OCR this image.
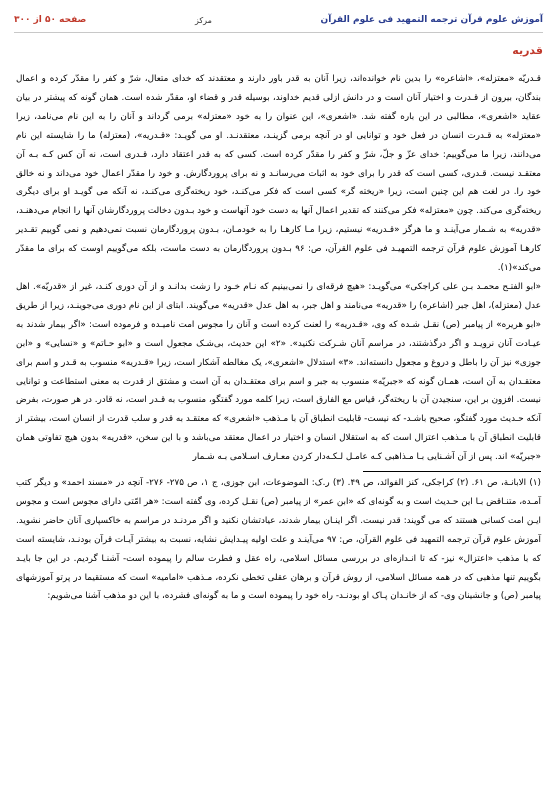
آموزش علوم قرآن ترجمه التمهيد فی علوم القرآن
مرکز
صفحه ۵۰ از ۳۰۰
قدريه

قـدريّه «معتزله»، «اشاعره» را بدين نام خوانده‌اند، زيرا آنان به قدر باور دارند و معتقدند که خداى متعال، شرّ و کفر را مقدّر کرده و اعمال بندگان، بيرون از قـدرت و اختيار آنان است و در دانش ازلى قديم خداوند، بوسيله قدر و قضاء او، مقدّر شده است. همان گونه که پيشتر در بيان عقايد «اشعرى»، مطالبى در اين باره گفته شد. «اشعرى»، اين عنوان را به خود «معتزله» برمى گرداند و آنان را به اين نام مى‌نامد، زيرا «معتزله» به قـدرت انسان در فعل خود و توانايى او در آنچه برمى گزينـد، معتقدنـد. او مى گويـد: «قـدريه»، (معتزله) ما را شايسته اين نام مى‌دانند، زيرا ما مى‌گوييم: خداى عزّ و جلّ، شرّ و کفر را مقدّر کرده است. کسى که به قدر اعتقاد دارد، قـدرى است، نه آن کس کـه بـه آن معتقـد نيست. قـدرى، کسى است که قدر را براى خود به اثبات مى‌رسانـد و نه براى پروردگارش. و خود را مقدّر اعمال خود مى‌داند و نه خالق خود را. در لغت هم اين چنين است، زيرا «ريخته گر» کسى است که فکر مى‌کنـد، خود ريخته‌گرى مى‌کنـد، نه آنکه مى گويـد او براى ديگرى ريخته‌گرى مى‌کند. چون «معتزله» فکر مى‌کنند که تقدير اعمال آنها به دست خود آنهاست و خود بـدون دخالت پروردگارشان آنها را انجام مى‌دهنـد، «قدريه» به شـمار مى‌آينـد و ما هرگز «قـدريه» نيستيم، زيرا مـا کارهـا را به خودمـان، بـدون پروردگارمان نسبت نمى‌دهيم و نمى گوييم تقـدير کارهـا آموزش علوم قرآن ترجمه التمهيـد فى علوم القرآن، ص: ۹۶ بـدون پروردگارمان به دست ماست، بلکه مى‌گوييم اوست که براى ما مقدّر مى‌کند»(۱).

«ابو الفتـح محمـد بـن على کراجکى» مى‌گويـد: «هيچ فرقه‌اى را نمى‌بينيم که نـام خـود را زشت بدانـد و از آن دورى کنـد، غير از «قدريّه». اهل عدل (معتزله)، اهل جبر (اشاعره) را «قدريه» مى‌نامند و اهل جبر، به اهل عدل «قدريه» مى‌گويند. ابتاى از اين نام دورى مى‌جوينـد، زيرا از طريق «ابو هريره» از پيامبر (ص) نقـل شـده که وى، «قـدريه» را لعنت کرده است و آنان را مجوس امت ناميـده و فرموده است: «اگر بيمار شدند به عيـادت آنان نرويـد و اگر درگذشتند، در مراسم آنان شـرکت نکنيد». «۲» اين حديث، بى‌شـک مجعول است و «ابو حـاتم» و «نسايى» و «ابن جوزى» نيز آن را باطل و دروغ و مجعول دانسته‌اند. «۳» استدلال «اشعرى»، يک مغالطه آشکار است، زيرا «قـدريه» منسوب به قـدر و اسم براى معتقـدان به آن است، همـان گونه که «جبريّه» منسوب به جبر و اسم براى معتقـدان به آن است و مشتق از قدرت به معنى استطاعت و توانايى نيست. افزون بر اين، سنجيدن آن با ريخته‌گر، قياس مع الفارق است، زيرا کلمه مورد گفتگو، منسوب به قـدر است، نه قادر. در هر صورت، بفرض آنکه حـديث مورد گفتگو، صحيح باشـد- که نيست- قابليت انطباق آن با مـذهب «اشعرى» که معتقـد به قدر و سلب قدرت از انسان است، بيشتر از قابليت انطباق آن با مـذهب اعتزال است که به استقلال انسان و اختيار در اعمال معتقد مى‌باشد و با اين سخن، «قدريه» بدون هيچ تفاوتى همان «جبريّه» اند. پس از آن آشـنايى بـا مـذاهبى کـه عامـل لـکـه‌دار کردن معـارف اسـلامى بـه شـمار

(۱) الابانـة، ص ۶۱. (۲) کراجکى، کنز الفوائد، ص ۴۹. (۳) ر.ک: الموضوعات، ابن جوزى، ج ۱، ص ۲۷۵- ۲۷۶- آنچه در «مسند احمد» و ديگر کتب آمـده، متنـاقض بـا اين حـديث است و به گونه‌اى که «ابن عمر» از پيامبر (ص) نقـل کرده، وى گفته است: «هر امّتى داراى مجوس است و مجوس ايـن امت کسانى هستند که مى گويند: قدر نيست. اگر اينـان بيمار شدند، عيادتشان نکنيد و اگر مردنـد در مراسم به خاکسپارى آنان حاضر نشويد. آموزش علوم قرآن ترجمه التمهيد فى علوم القرآن، ص: ۹۷ مى‌آينـد و علت اوليه پيـدايش نشايه، نسبت به بيشتر آيـات قرآن بودنـد، شايسته است که با مذهب «اعتزال» نيز- که تا انـدازه‌اى در بررسى مسائل اسلامى، راه عقل و فطرت سالم را پيموده است- آشنـا گرديم. در اين جا بايـد بگوييم تنها مذهبى که در همه مسائل اسلامى، از روش قرآن و برهان عقلى تخطى نکرده، مـذهب «اماميه» است که مستقيما در پرتو آموزشهاى پيامبر (ص) و جانشينان وى- که از خانـدان پـاک او بودنـد- راه خود را پيموده است و ما به گونه‌اى فشرده، با اين دو مذهب آشنا مى‌شويم:
